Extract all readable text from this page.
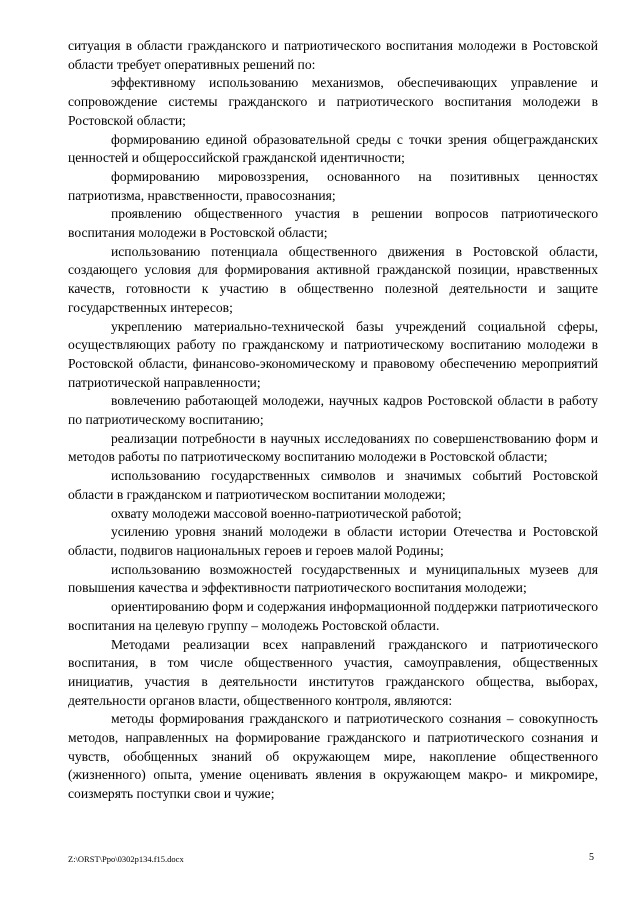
ситуация в области гражданского и патриотического воспитания молодежи в Ростовской области требует оперативных решений по:

эффективному использованию механизмов, обеспечивающих управление и сопровождение системы гражданского и патриотического воспитания молодежи в Ростовской области;

формированию единой образовательной среды с точки зрения общегражданских ценностей и общероссийской гражданской идентичности;

формированию мировоззрения, основанного на позитивных ценностях патриотизма, нравственности, правосознания;

проявлению общественного участия в решении вопросов патриотического воспитания молодежи в Ростовской области;

использованию потенциала общественного движения в Ростовской области, создающего условия для формирования активной гражданской позиции, нравственных качеств, готовности к участию в общественно полезной деятельности и защите государственных интересов;

укреплению материально-технической базы учреждений социальной сферы, осуществляющих работу по гражданскому и патриотическому воспитанию молодежи в Ростовской области, финансово-экономическому и правовому обеспечению мероприятий патриотической направленности;

вовлечению работающей молодежи, научных кадров Ростовской области в работу по патриотическому воспитанию;

реализации потребности в научных исследованиях по совершенствованию форм и методов работы по патриотическому воспитанию молодежи в Ростовской области;

использованию государственных символов и значимых событий Ростовской области в гражданском и патриотическом воспитании молодежи;

охвату молодежи массовой военно-патриотической работой;

усилению уровня знаний молодежи в области истории Отечества и Ростовской области, подвигов национальных героев и героев малой Родины;

использованию возможностей государственных и муниципальных музеев для повышения качества и эффективности патриотического воспитания молодежи;

ориентированию форм и содержания информационной поддержки патриотического воспитания на целевую группу – молодежь Ростовской области.

Методами реализации всех направлений гражданского и патриотического воспитания, в том числе общественного участия, самоуправления, общественных инициатив, участия в деятельности институтов гражданского общества, выборах, деятельности органов власти, общественного контроля, являются:

методы формирования гражданского и патриотического сознания – совокупность методов, направленных на формирование гражданского и патриотического сознания и чувств, обобщенных знаний об окружающем мире, накопление общественного (жизненного) опыта, умение оценивать явления в окружающем макро- и микромире, соизмерять поступки свои и чужие;

Z:\ORST\Ppo\0302p134.f15.docx	5
